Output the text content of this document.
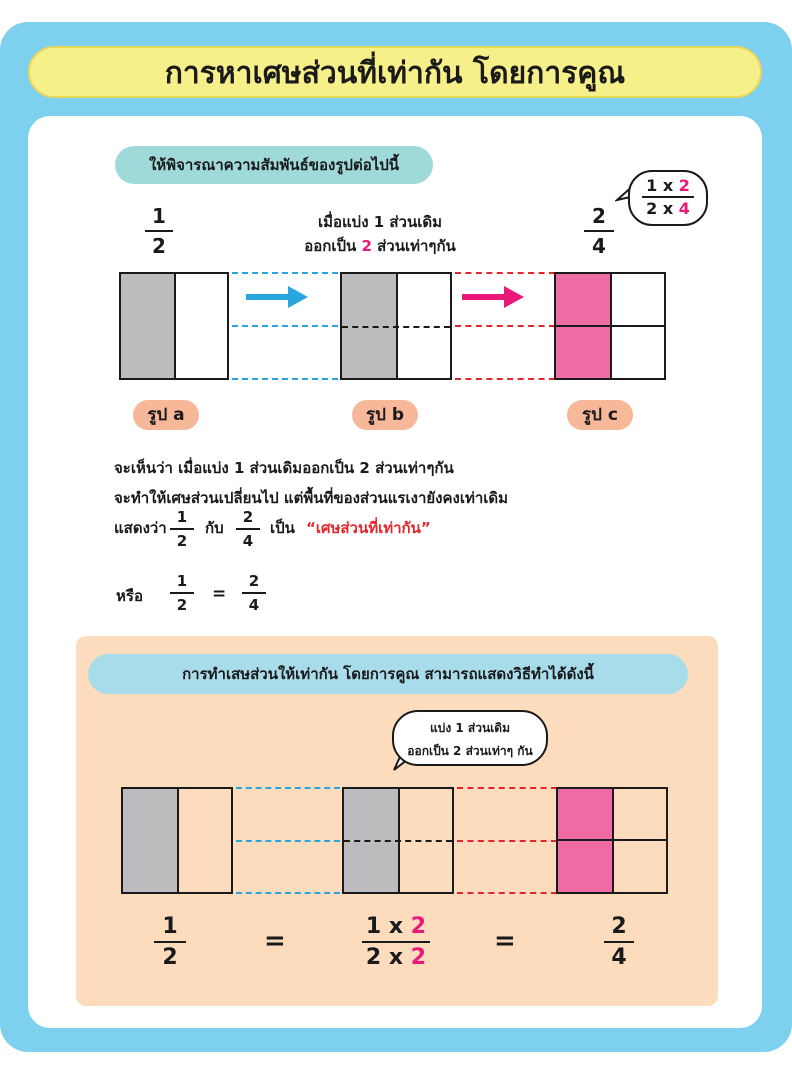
การหาเศษส่วนที่เท่ากัน โดยการคูณ
ให้พิจารณาความสัมพันธ์ของรูปต่อไปนี้
1
2
เมื่อแบ่ง 1 ส่วนเดิม
ออกเป็น 2 ส่วนเท่าๆกัน
2
4
1 x 2
2 x 4
รูป a	รูป b	รูป c
จะเห็นว่า เมื่อแบ่ง 1 ส่วนเดิมออกเป็น 2 ส่วนเท่าๆกัน
จะทำให้เศษส่วนเปลี่ยนไป แต่พื้นที่ของส่วนแรเงายังคงเท่าเดิม
แสดงว่า
1
2
กับ
2
4
เป็น “เศษส่วนที่เท่ากัน”
หรือ
1
2
=
2
4
การทำเสษส่วนให้เท่ากัน โดยการคูณ สามารถแสดงวิธีทำได้ดังนี้
แบ่ง 1 ส่วนเดิม
ออกเป็น 2 ส่วนเท่าๆ กัน
1
2
=	1 x 2
2 x 2
=	2
4
